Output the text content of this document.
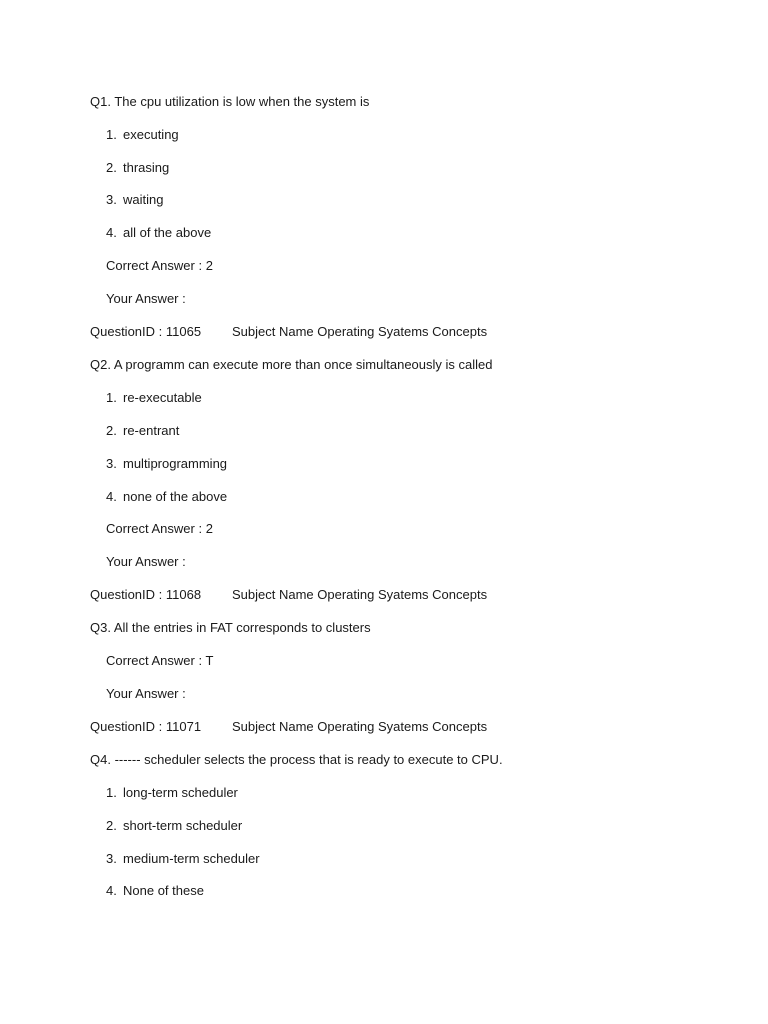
Q1. The cpu utilization is low when the system is
1. executing
2. thrasing
3. waiting
4. all of the above
Correct Answer : 2
Your Answer :
QuestionID : 11065 Subject Name Operating Syatems Concepts
Q2. A programm can execute more than once simultaneously is called
1. re-executable
2. re-entrant
3. multiprogramming
4. none of the above
Correct Answer : 2
Your Answer :
QuestionID : 11068 Subject Name Operating Syatems Concepts
Q3. All the entries in FAT corresponds to clusters
Correct Answer : T
Your Answer :
QuestionID : 11071 Subject Name Operating Syatems Concepts
Q4. ------ scheduler selects the process that is ready to execute to CPU.
1. long-term scheduler
2. short-term scheduler
3. medium-term scheduler
4. None of these
